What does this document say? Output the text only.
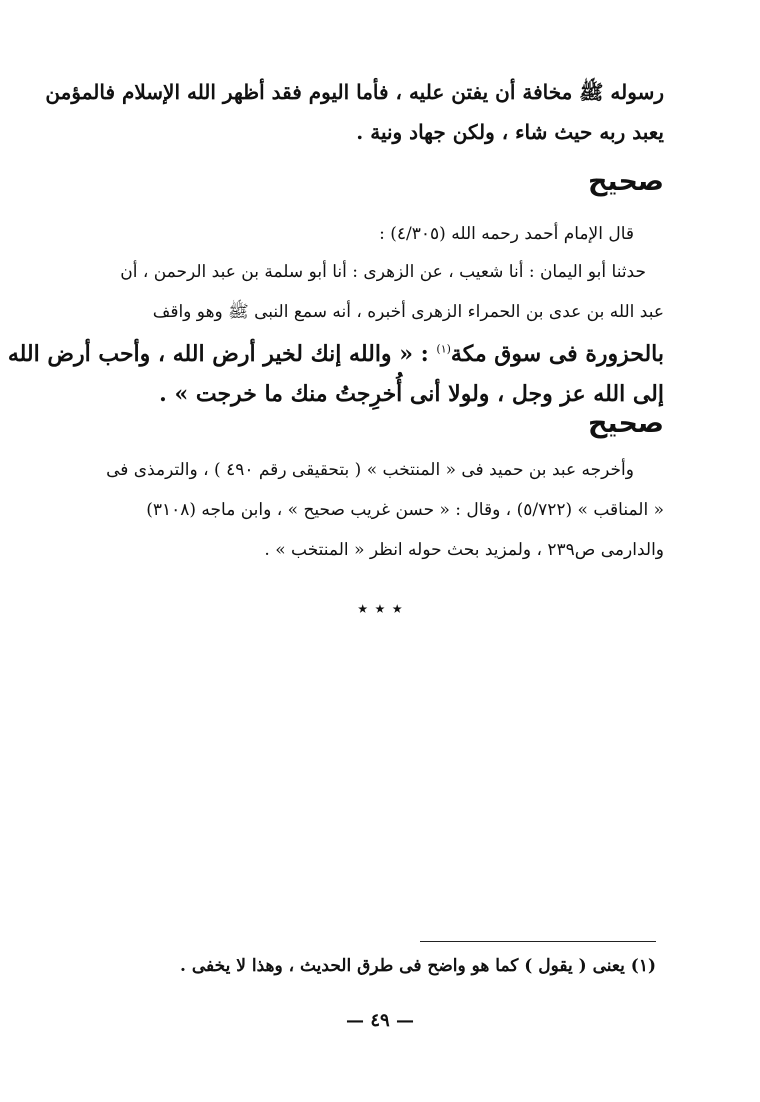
رسوله ﷺ مخافة أن يفتن عليه ، فأما اليوم فقد أظهر الله الإسلام فالمؤمن
يعبد ربه حيث شاء ، ولكن جهاد ونية .
صحيح
قال الإمام أحمد رحمه الله (٤/٣٠٥) :
حدثنا أبو اليمان : أنا شعيب ، عن الزهرى : أنا أبو سلمة بن عبد الرحمن ، أن
عبد الله بن عدى بن الحمراء الزهرى أخبره ، أنه سمع النبى ﷺ وهو واقف
بالحزورة فى سوق مكة$^{(١)}$ : « والله إنك لخير أرض الله ، وأحب أرض الله
إلى الله عز وجل ، ولولا أنى أُخرِجتُ منك ما خرجت » .
صحيح
وأخرجه عبد بن حميد فى « المنتخب » ( بتحقيقى رقم ٤٩٠ ) ، والترمذى فى
« المناقب » (٥/٧٢٢) ، وقال : « حسن غريب صحيح » ، وابن ماجه (٣١٠٨)
والدارمى ص٢٣٩ ، ولمزيد بحث حوله انظر « المنتخب » .
٭ ٭ ٭
(١) يعنى ( يقول ) كما هو واضح فى طرق الحديث ، وهذا لا يخفى .
— ٤٩ —
